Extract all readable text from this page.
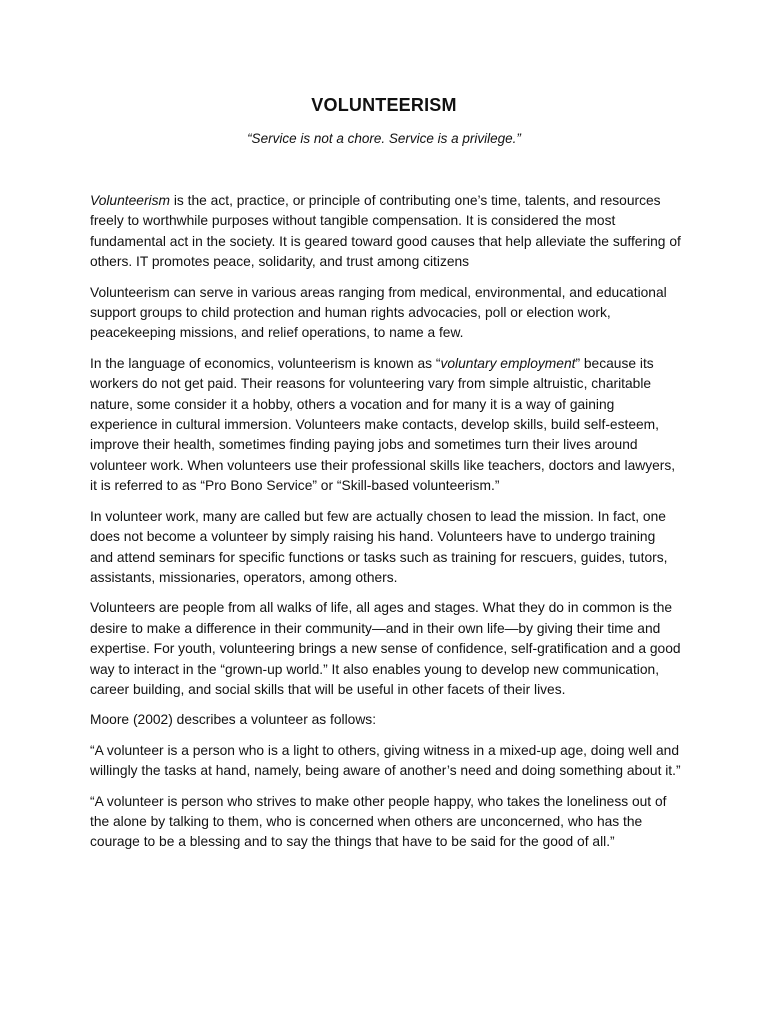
VOLUNTEERISM

“Service is not a chore. Service is a privilege.”

Volunteerism is the act, practice, or principle of contributing one’s time, talents, and resources freely to worthwhile purposes without tangible compensation. It is considered the most fundamental act in the society. It is geared toward good causes that help alleviate the suffering of others. IT promotes peace, solidarity, and trust among citizens

Volunteerism can serve in various areas ranging from medical, environmental, and educational support groups to child protection and human rights advocacies, poll or election work, peacekeeping missions, and relief operations, to name a few.

In the language of economics, volunteerism is known as “voluntary employment” because its workers do not get paid. Their reasons for volunteering vary from simple altruistic, charitable nature, some consider it a hobby, others a vocation and for many it is a way of gaining experience in cultural immersion. Volunteers make contacts, develop skills, build self-esteem, improve their health, sometimes finding paying jobs and sometimes turn their lives around volunteer work. When volunteers use their professional skills like teachers, doctors and lawyers, it is referred to as “Pro Bono Service” or “Skill-based volunteerism.”

In volunteer work, many are called but few are actually chosen to lead the mission. In fact, one does not become a volunteer by simply raising his hand. Volunteers have to undergo training and attend seminars for specific functions or tasks such as training for rescuers, guides, tutors, assistants, missionaries, operators, among others.

Volunteers are people from all walks of life, all ages and stages. What they do in common is the desire to make a difference in their community—and in their own life—by giving their time and expertise. For youth, volunteering brings a new sense of confidence, self-gratification and a good way to interact in the “grown-up world.” It also enables young to develop new communication, career building, and social skills that will be useful in other facets of their lives.

Moore (2002) describes a volunteer as follows:

“A volunteer is a person who is a light to others, giving witness in a mixed-up age, doing well and willingly the tasks at hand, namely, being aware of another’s need and doing something about it.”

“A volunteer is person who strives to make other people happy, who takes the loneliness out of the alone by talking to them, who is concerned when others are unconcerned, who has the courage to be a blessing and to say the things that have to be said for the good of all.”
